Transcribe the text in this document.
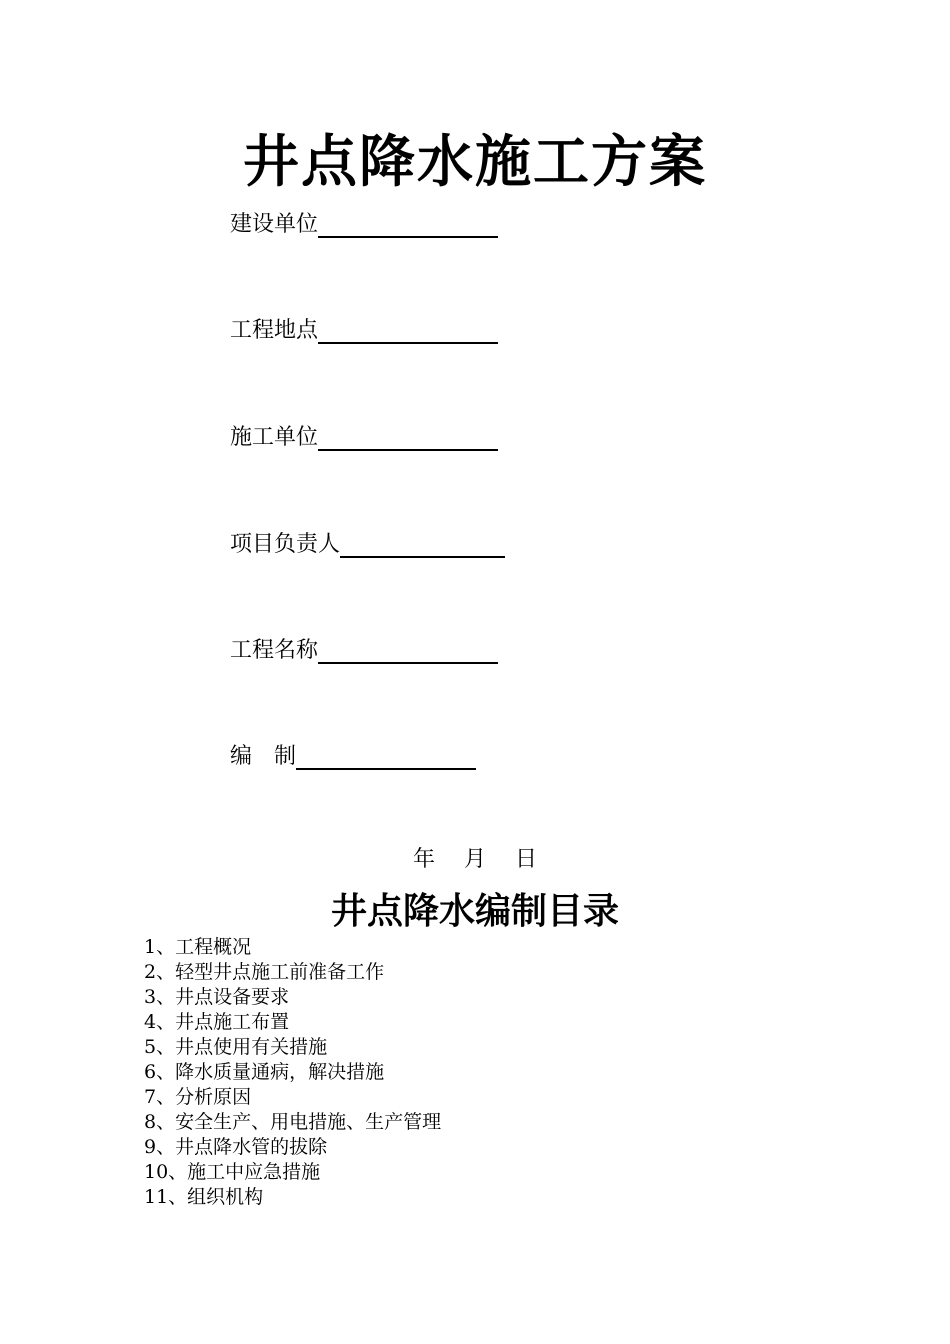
井点降水施工方案
建设单位
工程地点
施工单位
项目负责人
工程名称
编　制
年　 月　 日
井点降水编制目录
1、工程概况
2、轻型井点施工前准备工作
3、井点设备要求
4、井点施工布置
5、井点使用有关措施
6、降水质量通病，解决措施
7、分析原因
8、安全生产、用电措施、生产管理
9、井点降水管的拔除
10、施工中应急措施
11、组织机构
